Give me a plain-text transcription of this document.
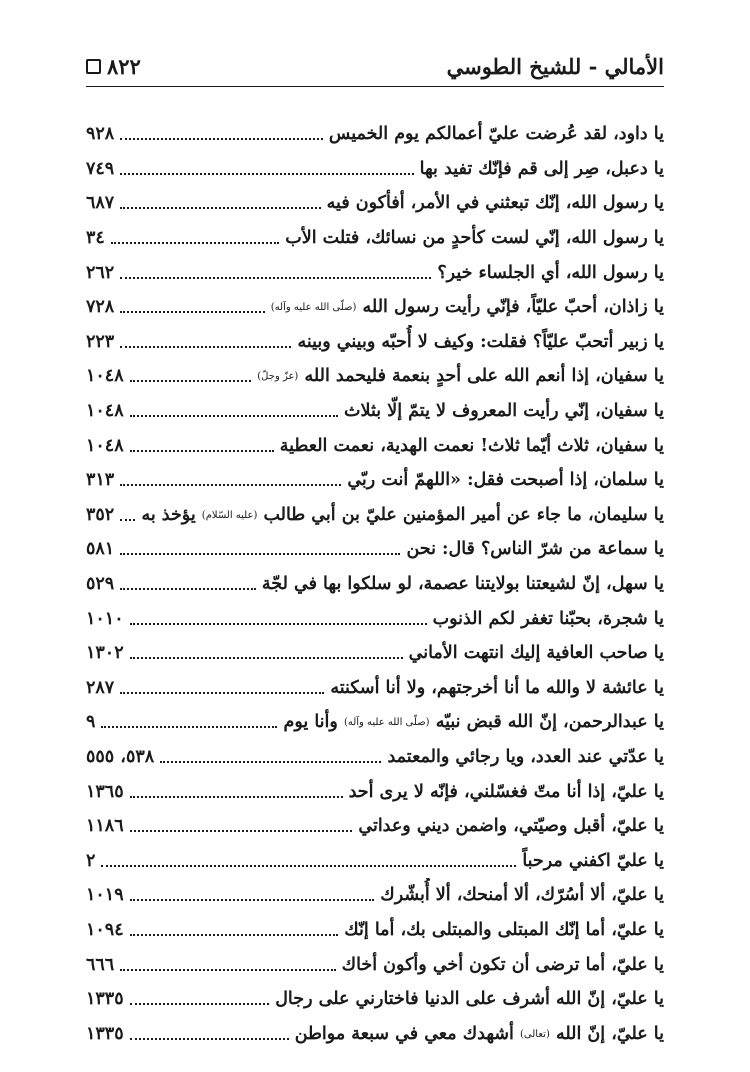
٨٢٢	الأمالي - للشيخ الطوسي
يا داود، لقد عُرضت عليّ أعمالكم يوم الخميس
٩٢٨
يا دعبل، صِر إلى قم فإنّك تفيد بها
٧٤٩
يا رسول الله، إنّك تبعثني في الأمر، أفأكون فيه
٦٨٧
يا رسول الله، إنّي لست كأحدٍ من نسائك، فتلت الأب
٣٤
يا رسول الله، أي الجلساء خير؟
٢٦٢
يا زاذان، أحبّ عليّاً، فإنّي رأيت رسول الله (صلّى الله عليه وآله)
٧٢٨
يا زبير أتحبّ عليّاً؟ فقلت: وكيف لا أُحبّه وبيني وبينه
٢٢٣
يا سفيان، إذا أنعم الله على أحدٍ بنعمة فليحمد الله (عزّ وجلّ)
١٠٤٨
يا سفيان، إنّي رأيت المعروف لا يتمّ إلّا بثلاث
١٠٤٨
يا سفيان، ثلاث أيّما ثلاث! نعمت الهدية، نعمت العطية
١٠٤٨
يا سلمان، إذا أصبحت فقل: «اللهمّ أنت ربّي
٣١٣
يا سليمان، ما جاء عن أمير المؤمنين عليّ بن أبي طالب (عليه السّلام) يؤخذ به
٣٥٢
يا سماعة من شرّ الناس؟ قال: نحن
٥٨١
يا سهل، إنّ لشيعتنا بولايتنا عصمة، لو سلكوا بها في لجّة
٥٢٩
يا شجرة، بحبّنا تغفر لكم الذنوب
١٠١٠
يا صاحب العافية إليك انتهت الأماني
١٣٠٢
يا عائشة لا والله ما أنا أخرجتهم، ولا أنا أسكنته
٢٨٧
يا عبدالرحمن، إنّ الله قبض نبيّه (صلّى الله عليه وآله) وأنا يوم
٩
يا عدّتي عند العدد، ويا رجائي والمعتمد
٥٣٨، ٥٥٥
يا عليّ، إذا أنا متّ فغسّلني، فإنّه لا يرى أحد
١٣٦٥
يا عليّ، أقبل وصيّتي، واضمن ديني وعداتي
١١٨٦
يا عليّ اكفني مرحباً
٢
يا عليّ، ألا أسُرّك، ألا أمنحك، ألا أُبشّرك
١٠١٩
يا عليّ، أما إنّك المبتلى والمبتلى بك، أما إنّك
١٠٩٤
يا عليّ، أما ترضى أن تكون أخي وأكون أخاك
٦٦٦
يا عليّ، إنّ الله أشرف على الدنيا فاختارني على رجال
١٣٣٥
يا عليّ، إنّ الله (تعالى) أشهدك معي في سبعة مواطن
١٣٣٥
